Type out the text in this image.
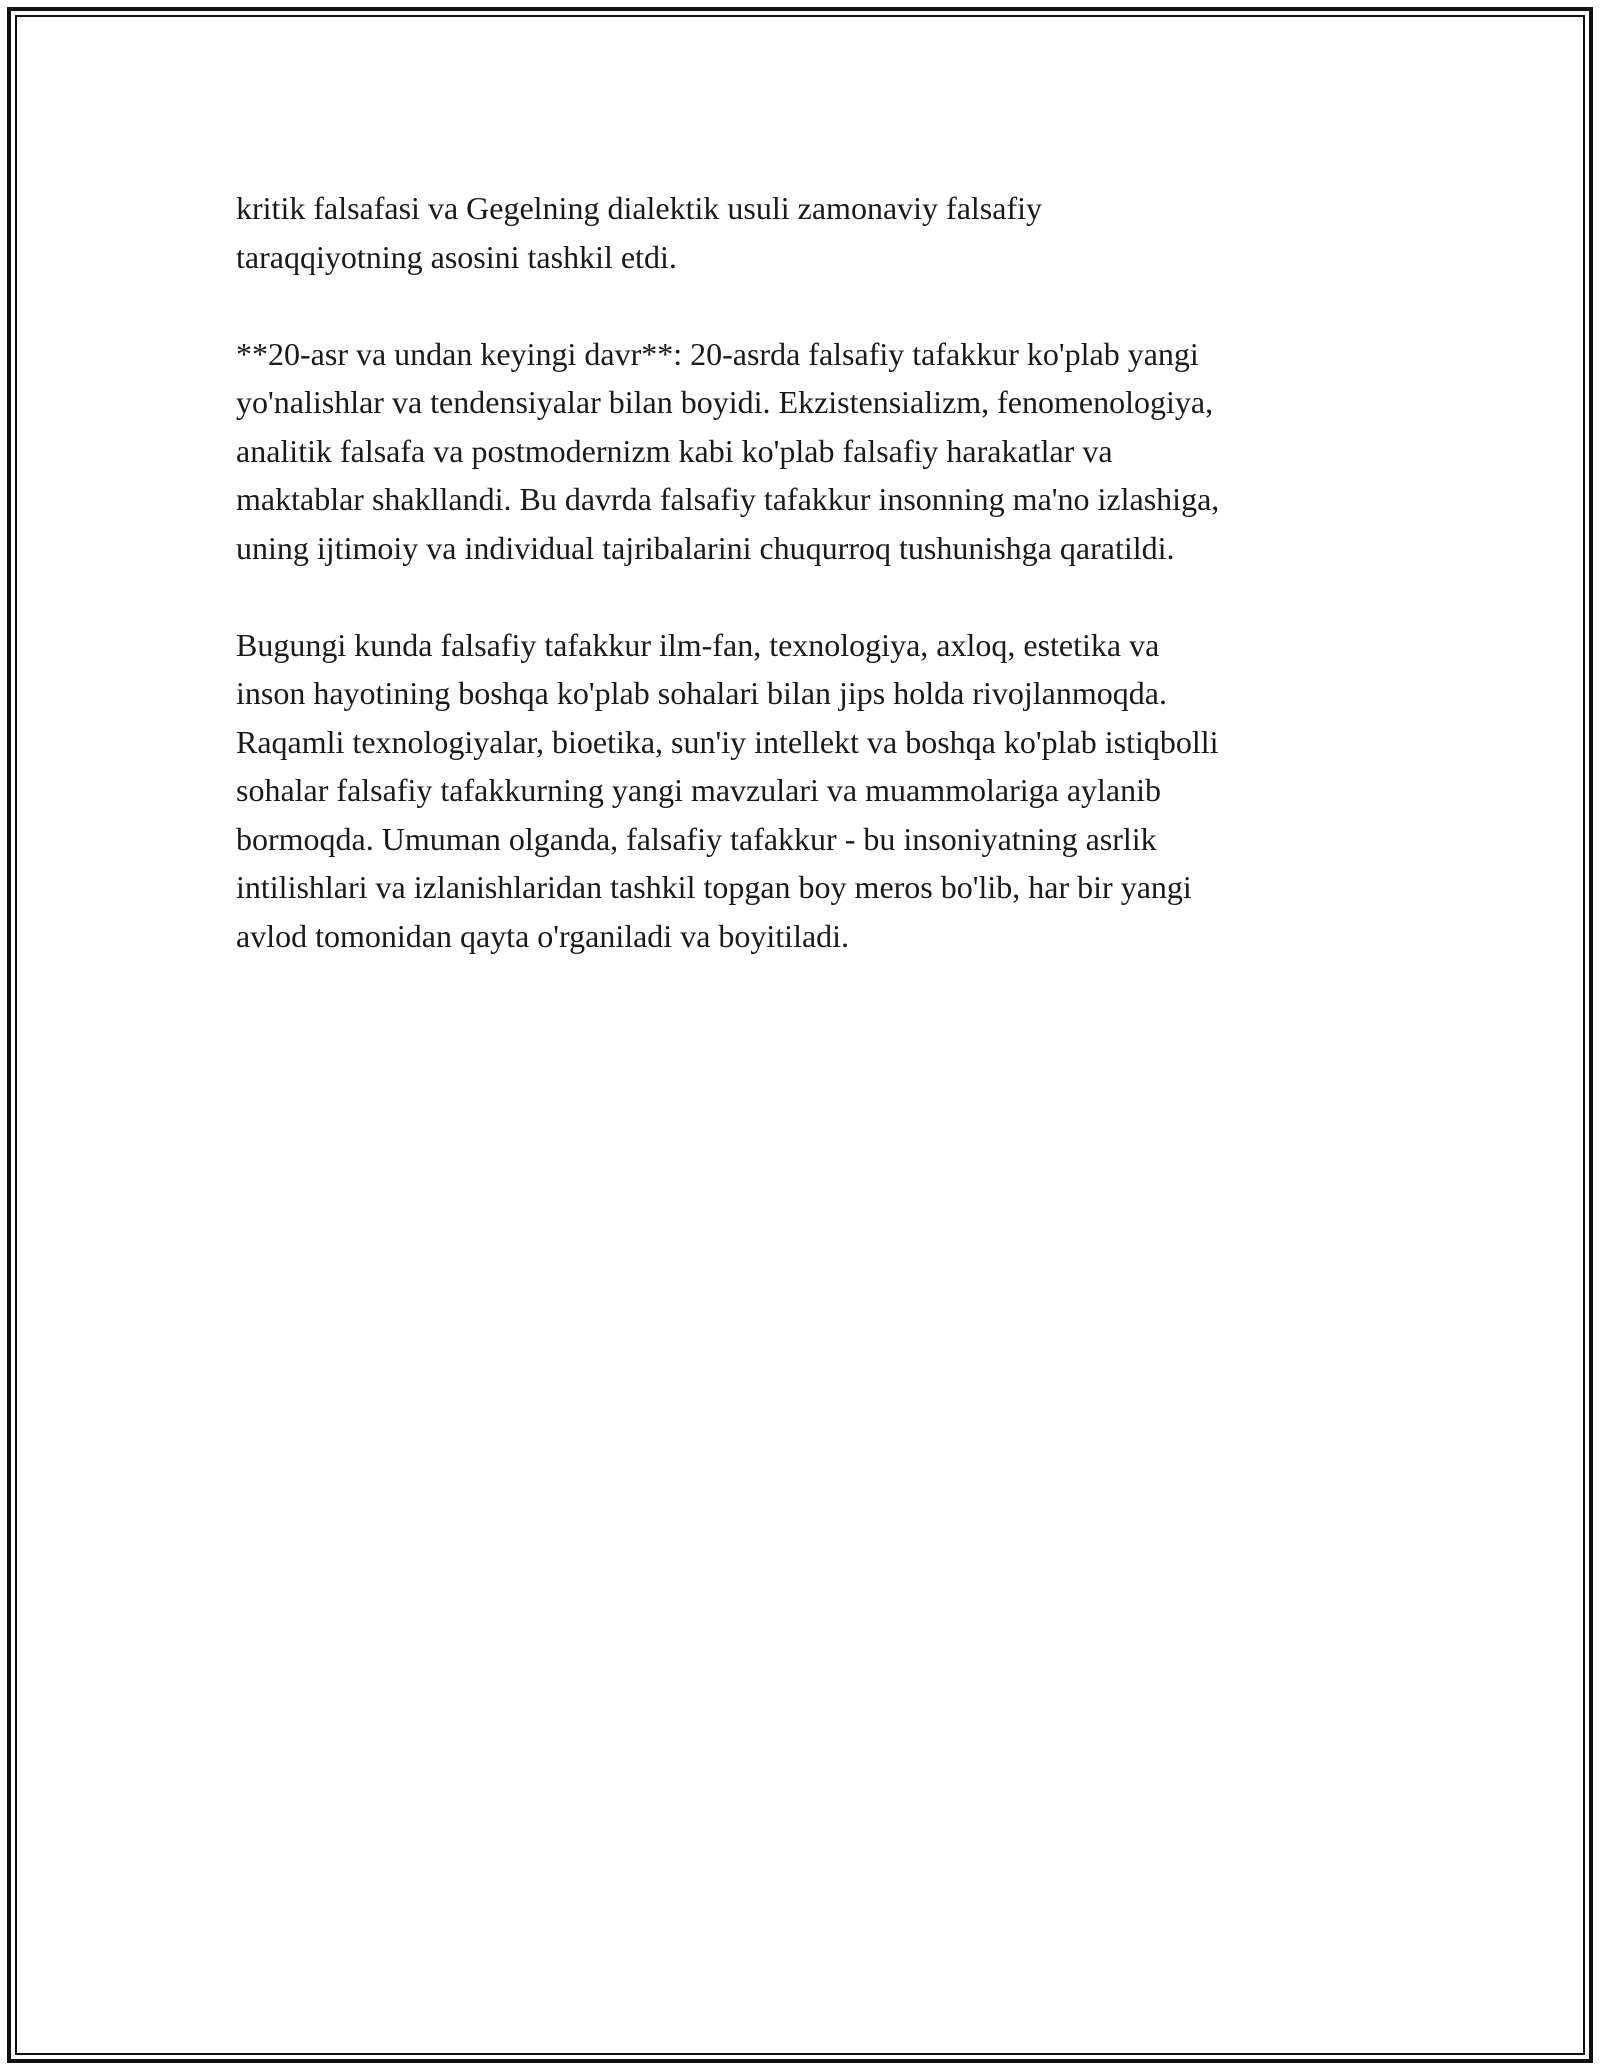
kritik falsafasi va Gegelning dialektik usuli zamonaviy falsafiy
taraqqiyotning asosini tashkil etdi.

**20-asr va undan keyingi davr**: 20-asrda falsafiy tafakkur ko'plab yangi
yo'nalishlar va tendensiyalar bilan boyidi. Ekzistensializm, fenomenologiya,
analitik falsafa va postmodernizm kabi ko'plab falsafiy harakatlar va
maktablar shakllandi. Bu davrda falsafiy tafakkur insonning ma'no izlashiga,
uning ijtimoiy va individual tajribalarini chuqurroq tushunishga qaratildi.

Bugungi kunda falsafiy tafakkur ilm-fan, texnologiya, axloq, estetika va
inson hayotining boshqa ko'plab sohalari bilan jips holda rivojlanmoqda.
Raqamli texnologiyalar, bioetika, sun'iy intellekt va boshqa ko'plab istiqbolli
sohalar falsafiy tafakkurning yangi mavzulari va muammolariga aylanib
bormoqda. Umuman olganda, falsafiy tafakkur - bu insoniyatning asrlik
intilishlari va izlanishlaridan tashkil topgan boy meros bo'lib, har bir yangi
avlod tomonidan qayta o'rganiladi va boyitiladi.
